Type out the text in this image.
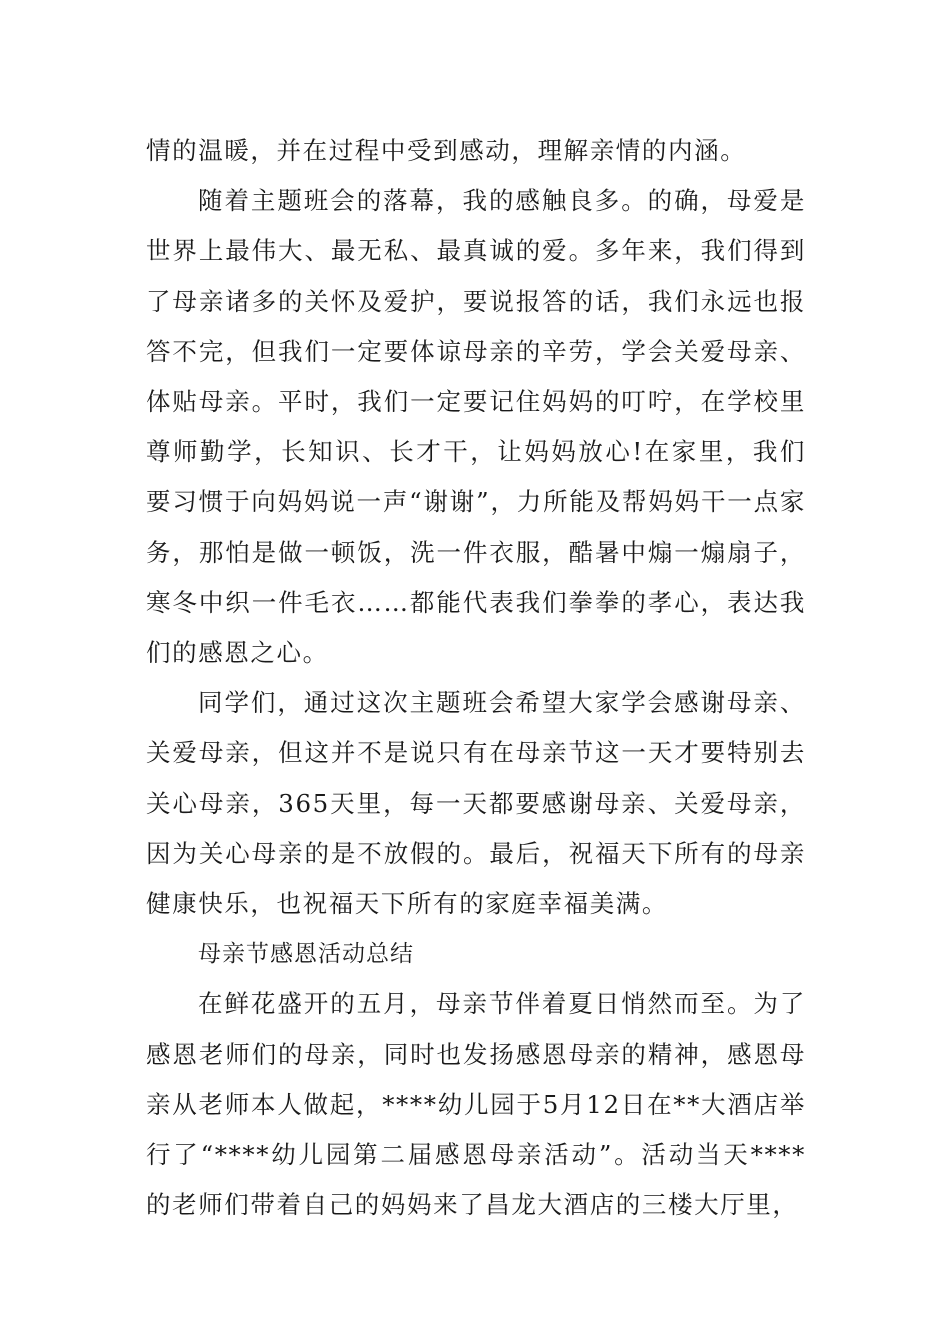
情的温暖，并在过程中受到感动，理解亲情的内涵。

随着主题班会的落幕，我的感触良多。的确，母爱是世界上最伟大、最无私、最真诚的爱。多年来，我们得到了母亲诸多的关怀及爱护，要说报答的话，我们永远也报答不完，但我们一定要体谅母亲的辛劳，学会关爱母亲、体贴母亲。平时，我们一定要记住妈妈的叮咛，在学校里尊师勤学，长知识、长才干，让妈妈放心!在家里，我们要习惯于向妈妈说一声“谢谢”，力所能及帮妈妈干一点家务，那怕是做一顿饭，洗一件衣服，酷暑中煽一煽扇子，寒冬中织一件毛衣……都能代表我们拳拳的孝心，表达我们的感恩之心。

同学们，通过这次主题班会希望大家学会感谢母亲、关爱母亲，但这并不是说只有在母亲节这一天才要特别去关心母亲，365天里，每一天都要感谢母亲、关爱母亲，因为关心母亲的是不放假的。最后，祝福天下所有的母亲健康快乐，也祝福天下所有的家庭幸福美满。

母亲节感恩活动总结

在鲜花盛开的五月，母亲节伴着夏日悄然而至。为了感恩老师们的母亲，同时也发扬感恩母亲的精神，感恩母亲从老师本人做起，****幼儿园于5月12日在**大酒店举行了“****幼儿园第二届感恩母亲活动”。活动当天****的老师们带着自己的妈妈来了昌龙大酒店的三楼大厅里，
